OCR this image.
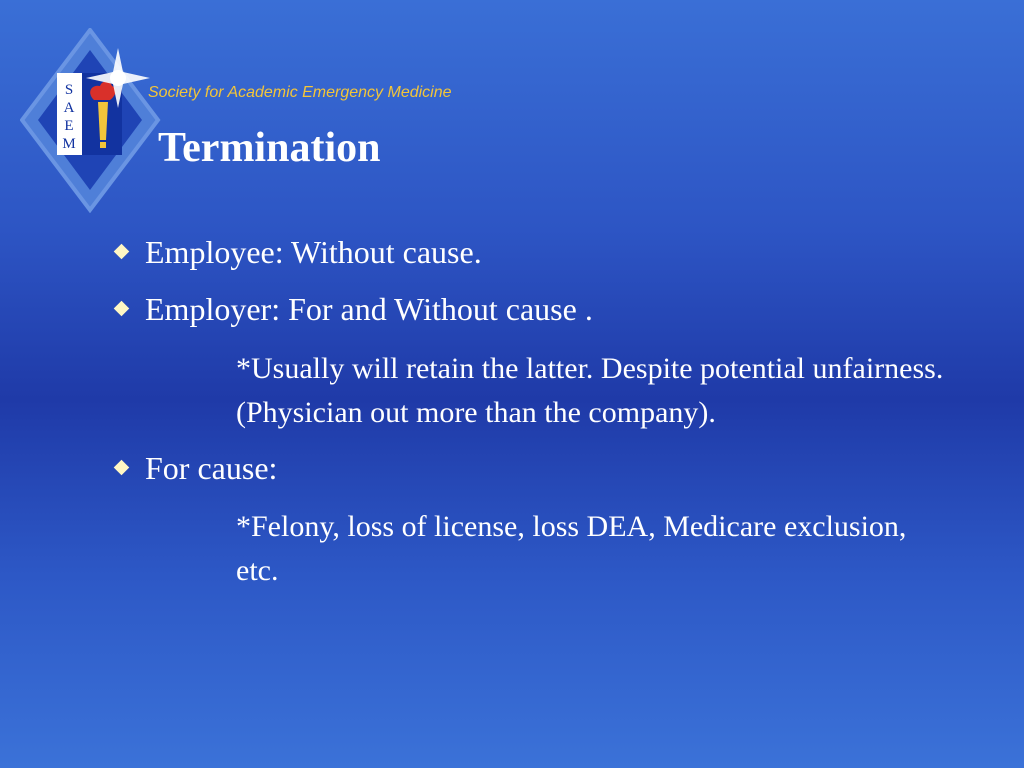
S
A
E
M
Society for Academic Emergency Medicine
Termination
Employee: Without cause.
Employer: For and Without cause .
*Usually will retain the latter. Despite potential unfairness. (Physician out more than the company).
For cause:
*Felony, loss of license, loss DEA, Medicare exclusion, etc.
